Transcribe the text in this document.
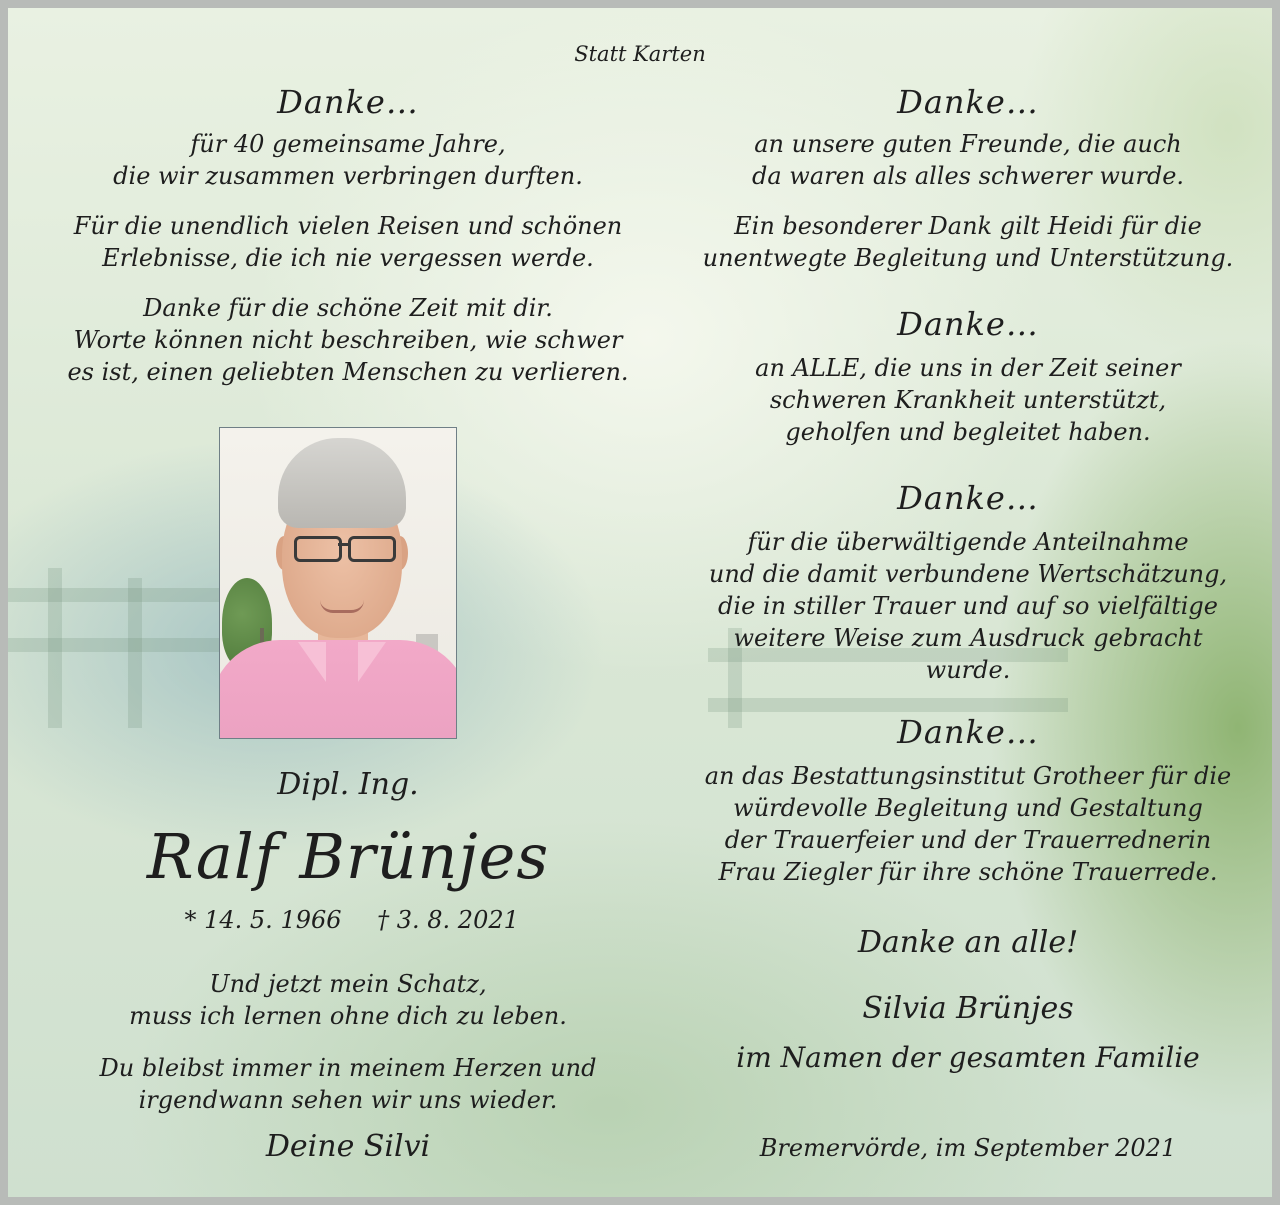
Statt Karten
Danke…
für 40 gemeinsame Jahre,
die wir zusammen verbringen durften.
Für die unendlich vielen Reisen und schönen
Erlebnisse, die ich nie vergessen werde.
Danke für die schöne Zeit mit dir.
Worte können nicht beschreiben, wie schwer
es ist, einen geliebten Menschen zu verlieren.
Dipl. Ing.
Ralf Brünjes
* 14. 5. 1966	† 3. 8. 2021
Und jetzt mein Schatz,
muss ich lernen ohne dich zu leben.
Du bleibst immer in meinem Herzen und
irgendwann sehen wir uns wieder.
Deine Silvi
Danke…
an unsere guten Freunde, die auch
da waren als alles schwerer wurde.
Ein besonderer Dank gilt Heidi für die
unentwegte Begleitung und Unterstützung.
Danke…
an ALLE, die uns in der Zeit seiner
schweren Krankheit unterstützt,
geholfen und begleitet haben.
Danke…
für die überwältigende Anteilnahme
und die damit verbundene Wertschätzung,
die in stiller Trauer und auf so vielfältige
weitere Weise zum Ausdruck gebracht
wurde.
Danke…
an das Bestattungsinstitut Grotheer für die
würdevolle Begleitung und Gestaltung
der Trauerfeier und der Trauerrednerin
Frau Ziegler für ihre schöne Trauerrede.
Danke an alle!
Silvia Brünjes
im Namen der gesamten Familie
Bremervörde, im September 2021
